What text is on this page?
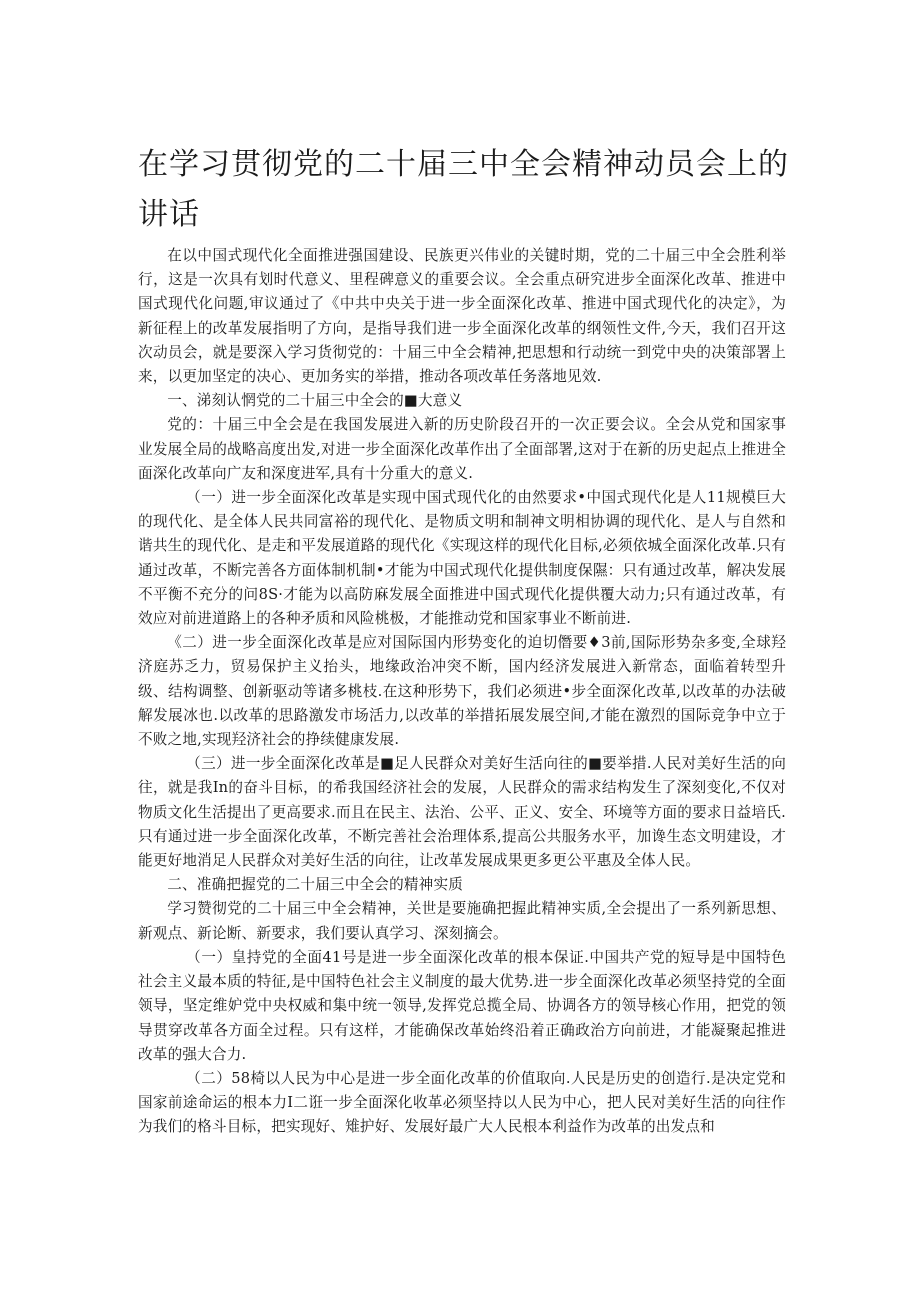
在学习贯彻党的二十届三中全会精神动员会上的讲话

在以中国式现代化全面推进强国建设、民族更兴伟业的关键时期，党的二十届三中全会胜利举行，这是一次具有划时代意义、里程碑意义的重要会议。全会重点研究进步全面深化改革、推进中国式现代化问题,审议通过了《中共中央关于进一步全面深化改革、推进中国式现代化的决定》，为新征程上的改革发展指明了方向，是指导我们进一步全面深化改革的纲领性文件,今天，我们召开这次动员会，就是要深入学习货彻党的：十届三中全会精神,把思想和行动统一到党中央的决策部署上来，以更加坚定的决心、更加务实的举措，推动各项改革任务落地见效.

一、涕刻认惘党的二十届三中全会的■大意义

党的：十届三中全会是在我国发展进入新的历史阶段召开的一次正要会议。全会从党和国家事业发展全局的战略高度出发,对进一步全面深化改革作出了全面部署,这对于在新的历史起点上推进全面深化改革向广友和深度进军,具有十分重大的意义.

（一）进一步全面深化改革是实现中国式现代化的由然要求•中国式现代化是人11规模巨大的现代化、是全体人民共同富裕的现代化、是物质文明和制神文明相协调的现代化、是人与自然和谐共生的现代化、是走和平发展道路的现代化《实现这样的现代化目标,必须依城全面深化改革.只有通过改革，不断完善各方面体制机制•才能为中国式现代化提供制度保隰：只有通过改革，解决发展不平衡不充分的问8S·才能为以高防麻发展全面推进中国式现代化提供覆大动力;只有通过改革，有效应对前进道路上的各种矛质和风险桃极，才能推动党和国家事业不断前进.

《二）进一步全面深化改革是应对国际国内形势变化的迫切僭要♦3前,国际形势杂多变,全球羟济庭苏乏力，贸易保护主义抬头，地缘政治冲突不断，国内经济发展进入新常态，面临着转型升级、结构调整、创新驱动等诸多桃枝.在这种形势下，我们必须进•步全面深化改革,以改革的办法破解发展冰也.以改革的思路激发市场活力,以改革的举措拓展发展空间,才能在激烈的国际竞争中立于不败之地,实现羟济社会的挣续健康发展.

（三）进一步全面深化改革是■足人民群众对美好生活向往的■要举措.人民对美好生活的向往，就是我In的奋斗目标，的希我国经济社会的发展，人民群众的需求结构发生了深刻变化,不仅对物质文化生活提出了更高要求.而且在民主、法治、公平、正义、安全、环境等方面的要求日益培氏.只有通过进一步全面深化改革，不断完善社会治理体系,提高公共服务水平，加谗生态文明建设，才能更好地消足人民群众对美好生活的向往，让改革发展成果更多更公平惠及全体人民。

二、准确把握党的二十届三中全会的精神实质

学习赞彻党的二十届三中全会精神，关世是要施确把握此精神实质,全会提出了一系列新思想、新观点、新论断、新要求，我们要认真学习、深刻摘会。

（一）皇持党的全面41号是进一步全面深化改革的根本保证.中国共产党的短导是中国特色社会主义最本质的特征,是中国特色社会主义制度的最大优势.进一步全面深化改革必须坚持党的全面领导，坚定维妒党中央权威和集中统一领导,发挥党总揽全局、协调各方的领导核心作用，把党的领导贯穿改革各方面全过程。只有这样，才能确保改革始终沿着正确政治方向前进，才能凝聚起推进改革的强大合力.

（二）58椅以人民为中心是进一步全面化改革的价值取向.人民是历史的创造行.是决定党和国家前途命运的根本力I二诳一步全面深化收革必须坚持以人民为中心，把人民对美好生活的向往作为我们的格斗目标，把实现好、雉护好、发展好最广大人民根本利益作为改革的出发点和
